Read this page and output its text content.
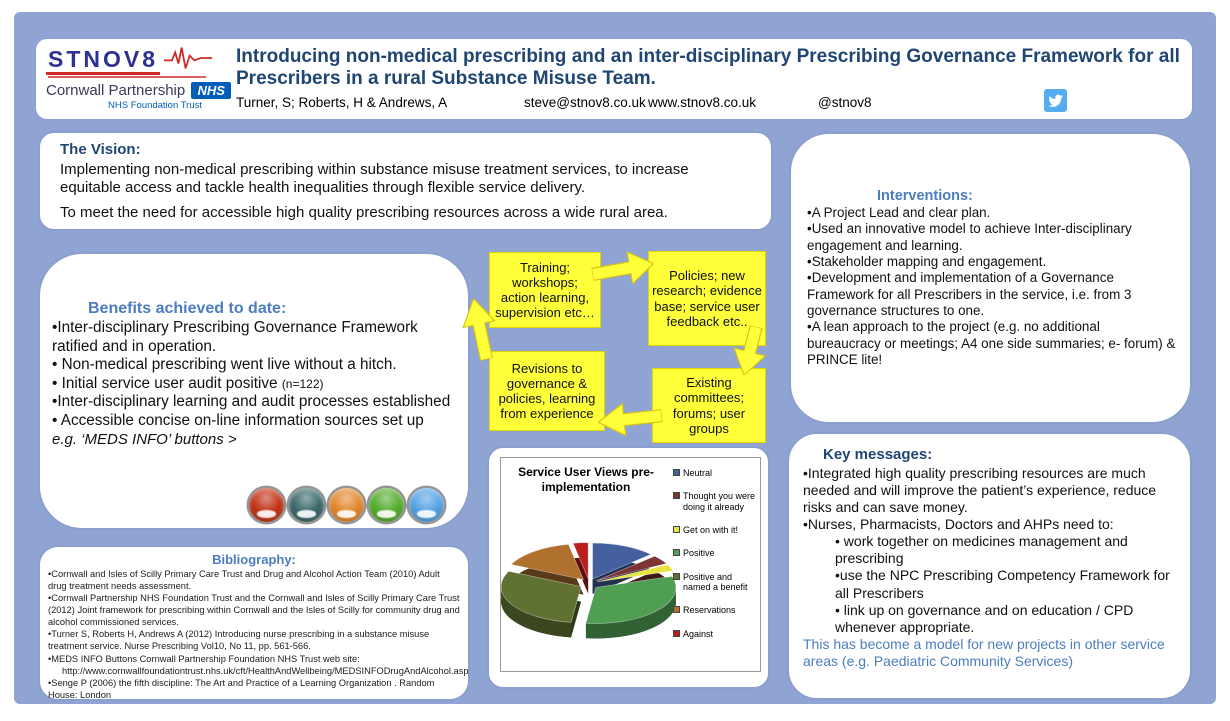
STNOV8
Cornwall Partnership NHS
NHS Foundation Trust
Introducing non-medical prescribing and an inter-disciplinary Prescribing Governance Framework for all Prescribers in a rural Substance Misuse Team.
Turner, S; Roberts, H & Andrews, A	steve@stnov8.co.uk www.stnov8.co.uk	@stnov8
The Vision:
Implementing non-medical prescribing within substance misuse treatment services, to increase equitable access and tackle health inequalities through flexible service delivery.
To meet the need for accessible high quality prescribing resources across a wide rural area.
Benefits achieved to date:
•Inter-disciplinary Prescribing Governance Framework ratified and in operation.
• Non-medical prescribing went live without a hitch.
• Initial service user audit positive (n=122)
•Inter-disciplinary learning and audit processes established
• Accessible concise on-line information sources set up
e.g. ‘MEDS INFO’ buttons >
Training; workshops; action learning, supervision etc…
Policies; new research; evidence base; service user feedback etc..
Revisions to governance & policies, learning from experience
Existing committees; forums; user groups
Service User Views pre-implementation
Neutral
Thought you were doing it already
Get on with it!
Positive
Positive and named a benefit
Reservations
Against
Interventions:
•A Project Lead and clear plan.
•Used an innovative model to achieve Inter-disciplinary engagement and learning.
•Stakeholder mapping and engagement.
•Development and implementation of a Governance Framework for all Prescribers in the service, i.e. from 3 governance structures to one.
•A lean approach to the project (e.g. no additional bureaucracy or meetings; A4 one side summaries; e- forum) & PRINCE lite!
Key messages:
•Integrated high quality prescribing resources are much needed and will improve the patient’s experience, reduce risks and can save money.
•Nurses, Pharmacists, Doctors and AHPs need to:
• work together on medicines management and prescribing
•use the NPC Prescribing Competency Framework for all Prescribers
• link up on governance and on education / CPD whenever appropriate.
This has become a model for new projects in other service areas (e.g. Paediatric Community Services)
Bibliography:
•Cornwall and Isles of Scilly Primary Care Trust and Drug and Alcohol Action Team (2010) Adult drug treatment needs assessment.
•Cornwall Partnership NHS Foundation Trust and the Cornwall and Isles of Scilly Primary Care Trust (2012) Joint framework for prescribing within Cornwall and the Isles of Scilly for community drug and alcohol commissioned services.
•Turner S, Roberts H, Andrews A (2012) Introducing nurse prescribing in a substance misuse treatment service. Nurse Prescribing Vol10, No 11, pp. 561-566.
•MEDS INFO Buttons Cornwall Partnership Foundation NHS Trust web site:
http://www.cornwallfoundationtrust.nhs.uk/cft/HealthAndWellbeing/MEDSINFODrugAndAlcohol.asp
•Senge P (2006) the fifth discipline: The Art and Practice of a Learning Organization . Random House: London
